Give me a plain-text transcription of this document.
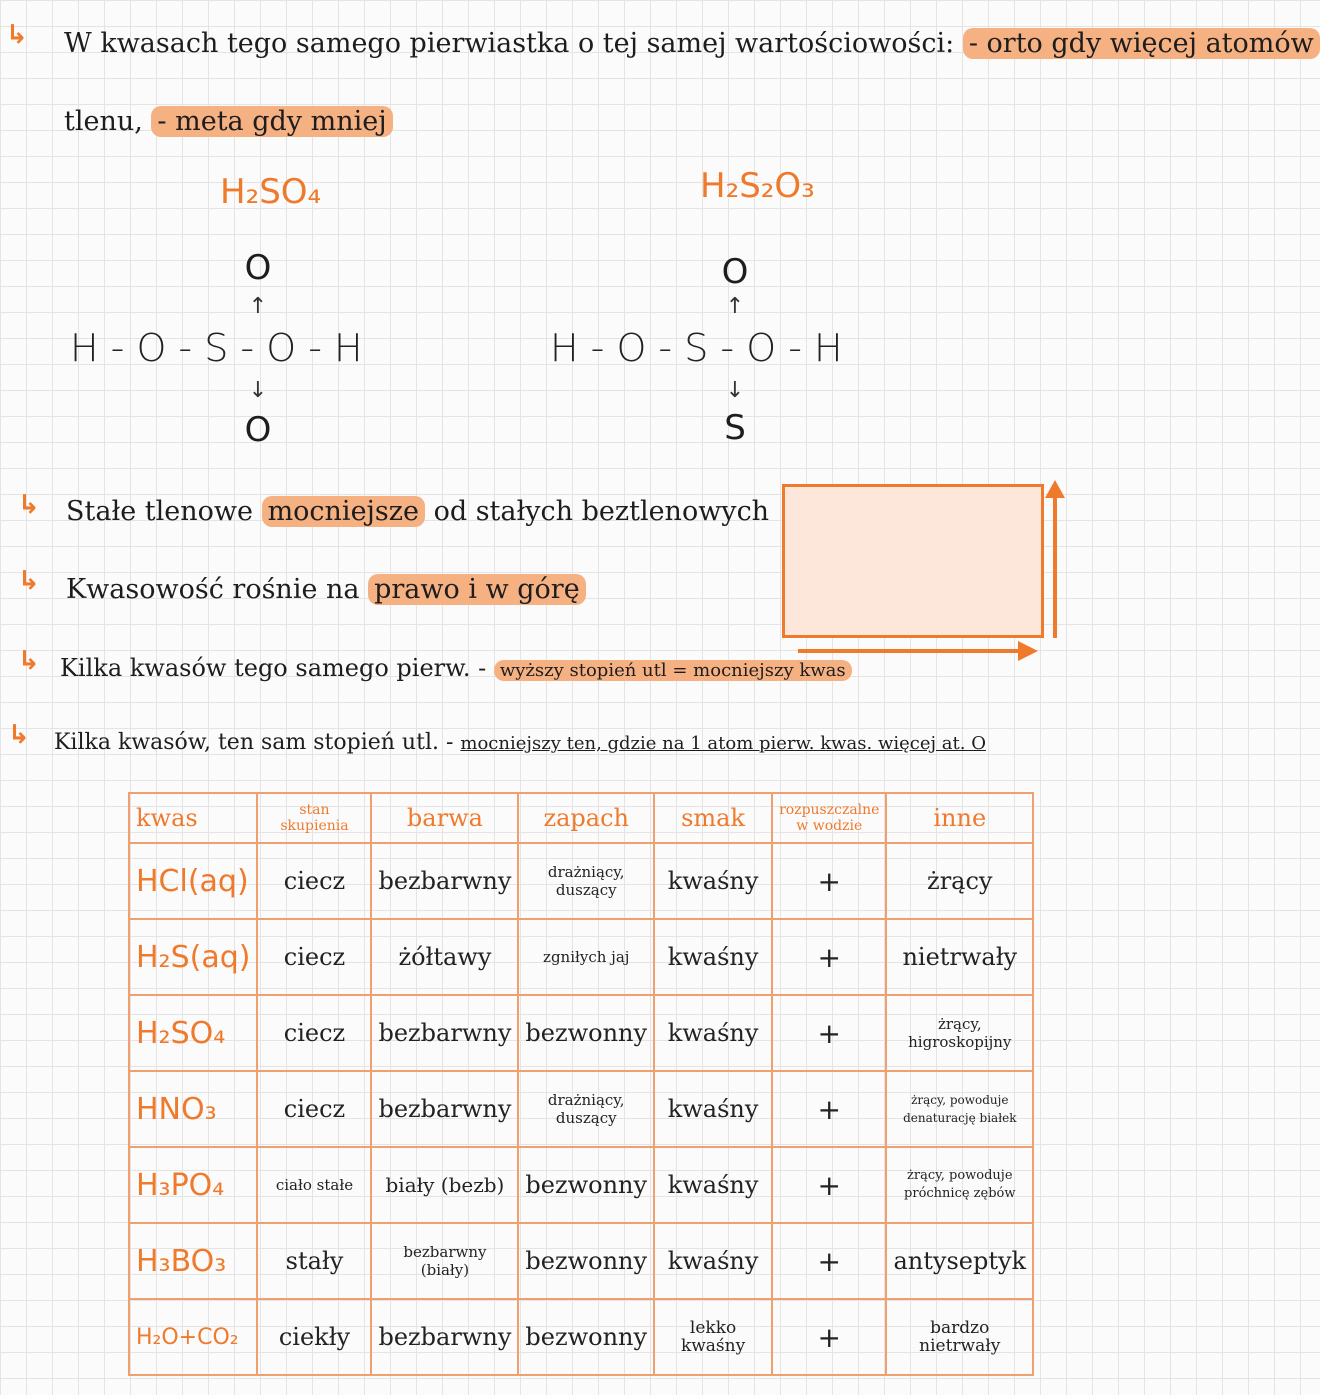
↳ W kwasach tego samego pierwiastka o tej samej wartościowości: - orto gdy więcej atomów
tlenu, - meta gdy mniej
H₂SO₄	H₂S₂O₃
O
↑
H - O - S - O - H
↓
O
O
↑
H - O - S - O - H
↓
S
↳ Stałe tlenowe mocniejsze od stałych beztlenowych
↳ Kwasowość rośnie na prawo i w górę
↳ Kilka kwasów tego samego pierw. - wyższy stopień utl = mocniejszy kwas
↳ Kilka kwasów, ten sam stopień utl. - mocniejszy ten, gdzie na 1 atom pierw. kwas. więcej at. O
kwas	stan skupienia	barwa	zapach	smak	rozpuszczalne w wodzie	inne
HCl(aq)	ciecz	bezbarwny	drażniący, duszący	kwaśny	+	żrący
H₂S(aq)	ciecz	żółtawy	zgniłych jaj	kwaśny	+	nietrwały
H₂SO₄	ciecz	bezbarwny	bezwonny	kwaśny	+	żrący, higroskopijny
HNO₃	ciecz	bezbarwny	drażniący, duszący	kwaśny	+	żrący, powoduje denaturację białek
H₃PO₄	ciało stałe	biały (bezb)	bezwonny	kwaśny	+	żrący, powoduje próchnicę zębów
H₃BO₃	stały	bezbarwny (biały)	bezwonny	kwaśny	+	antyseptyk
H₂O+CO₂	ciekły	bezbarwny	bezwonny	lekko kwaśny	+	bardzo nietrwały
